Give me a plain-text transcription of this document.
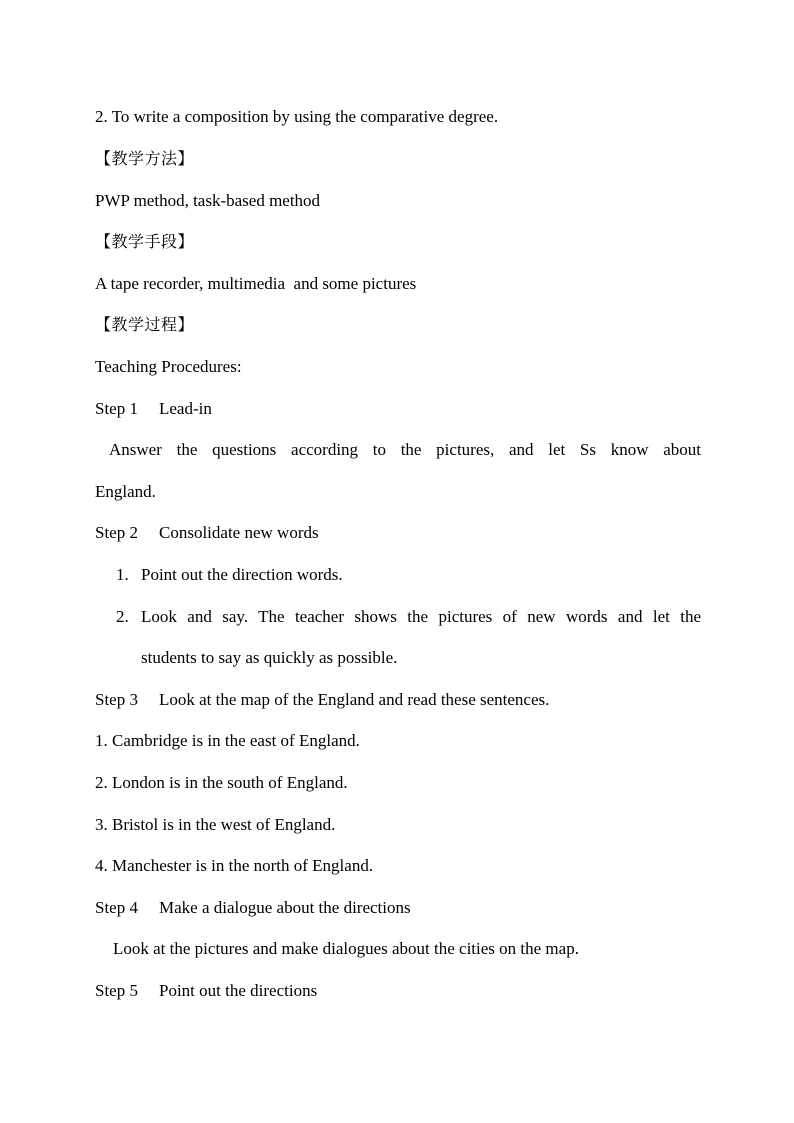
2. To write a composition by using the comparative degree.
【教学方法】
PWP method, task-based method
【教学手段】
A tape recorder, multimedia  and some pictures
【教学过程】
Teaching Procedures:
Step 1 Lead-in
Answer the questions according to the pictures, and let Ss know about
England.
Step 2 Consolidate new words
1. Point out the direction words.
2. Look and say. The teacher shows the pictures of new words and let the
students to say as quickly as possible.
Step 3 Look at the map of the England and read these sentences.
1. Cambridge is in the east of England.
2. London is in the south of England.
3. Bristol is in the west of England.
4. Manchester is in the north of England.
Step 4 Make a dialogue about the directions
Look at the pictures and make dialogues about the cities on the map.
Step 5 Point out the directions
